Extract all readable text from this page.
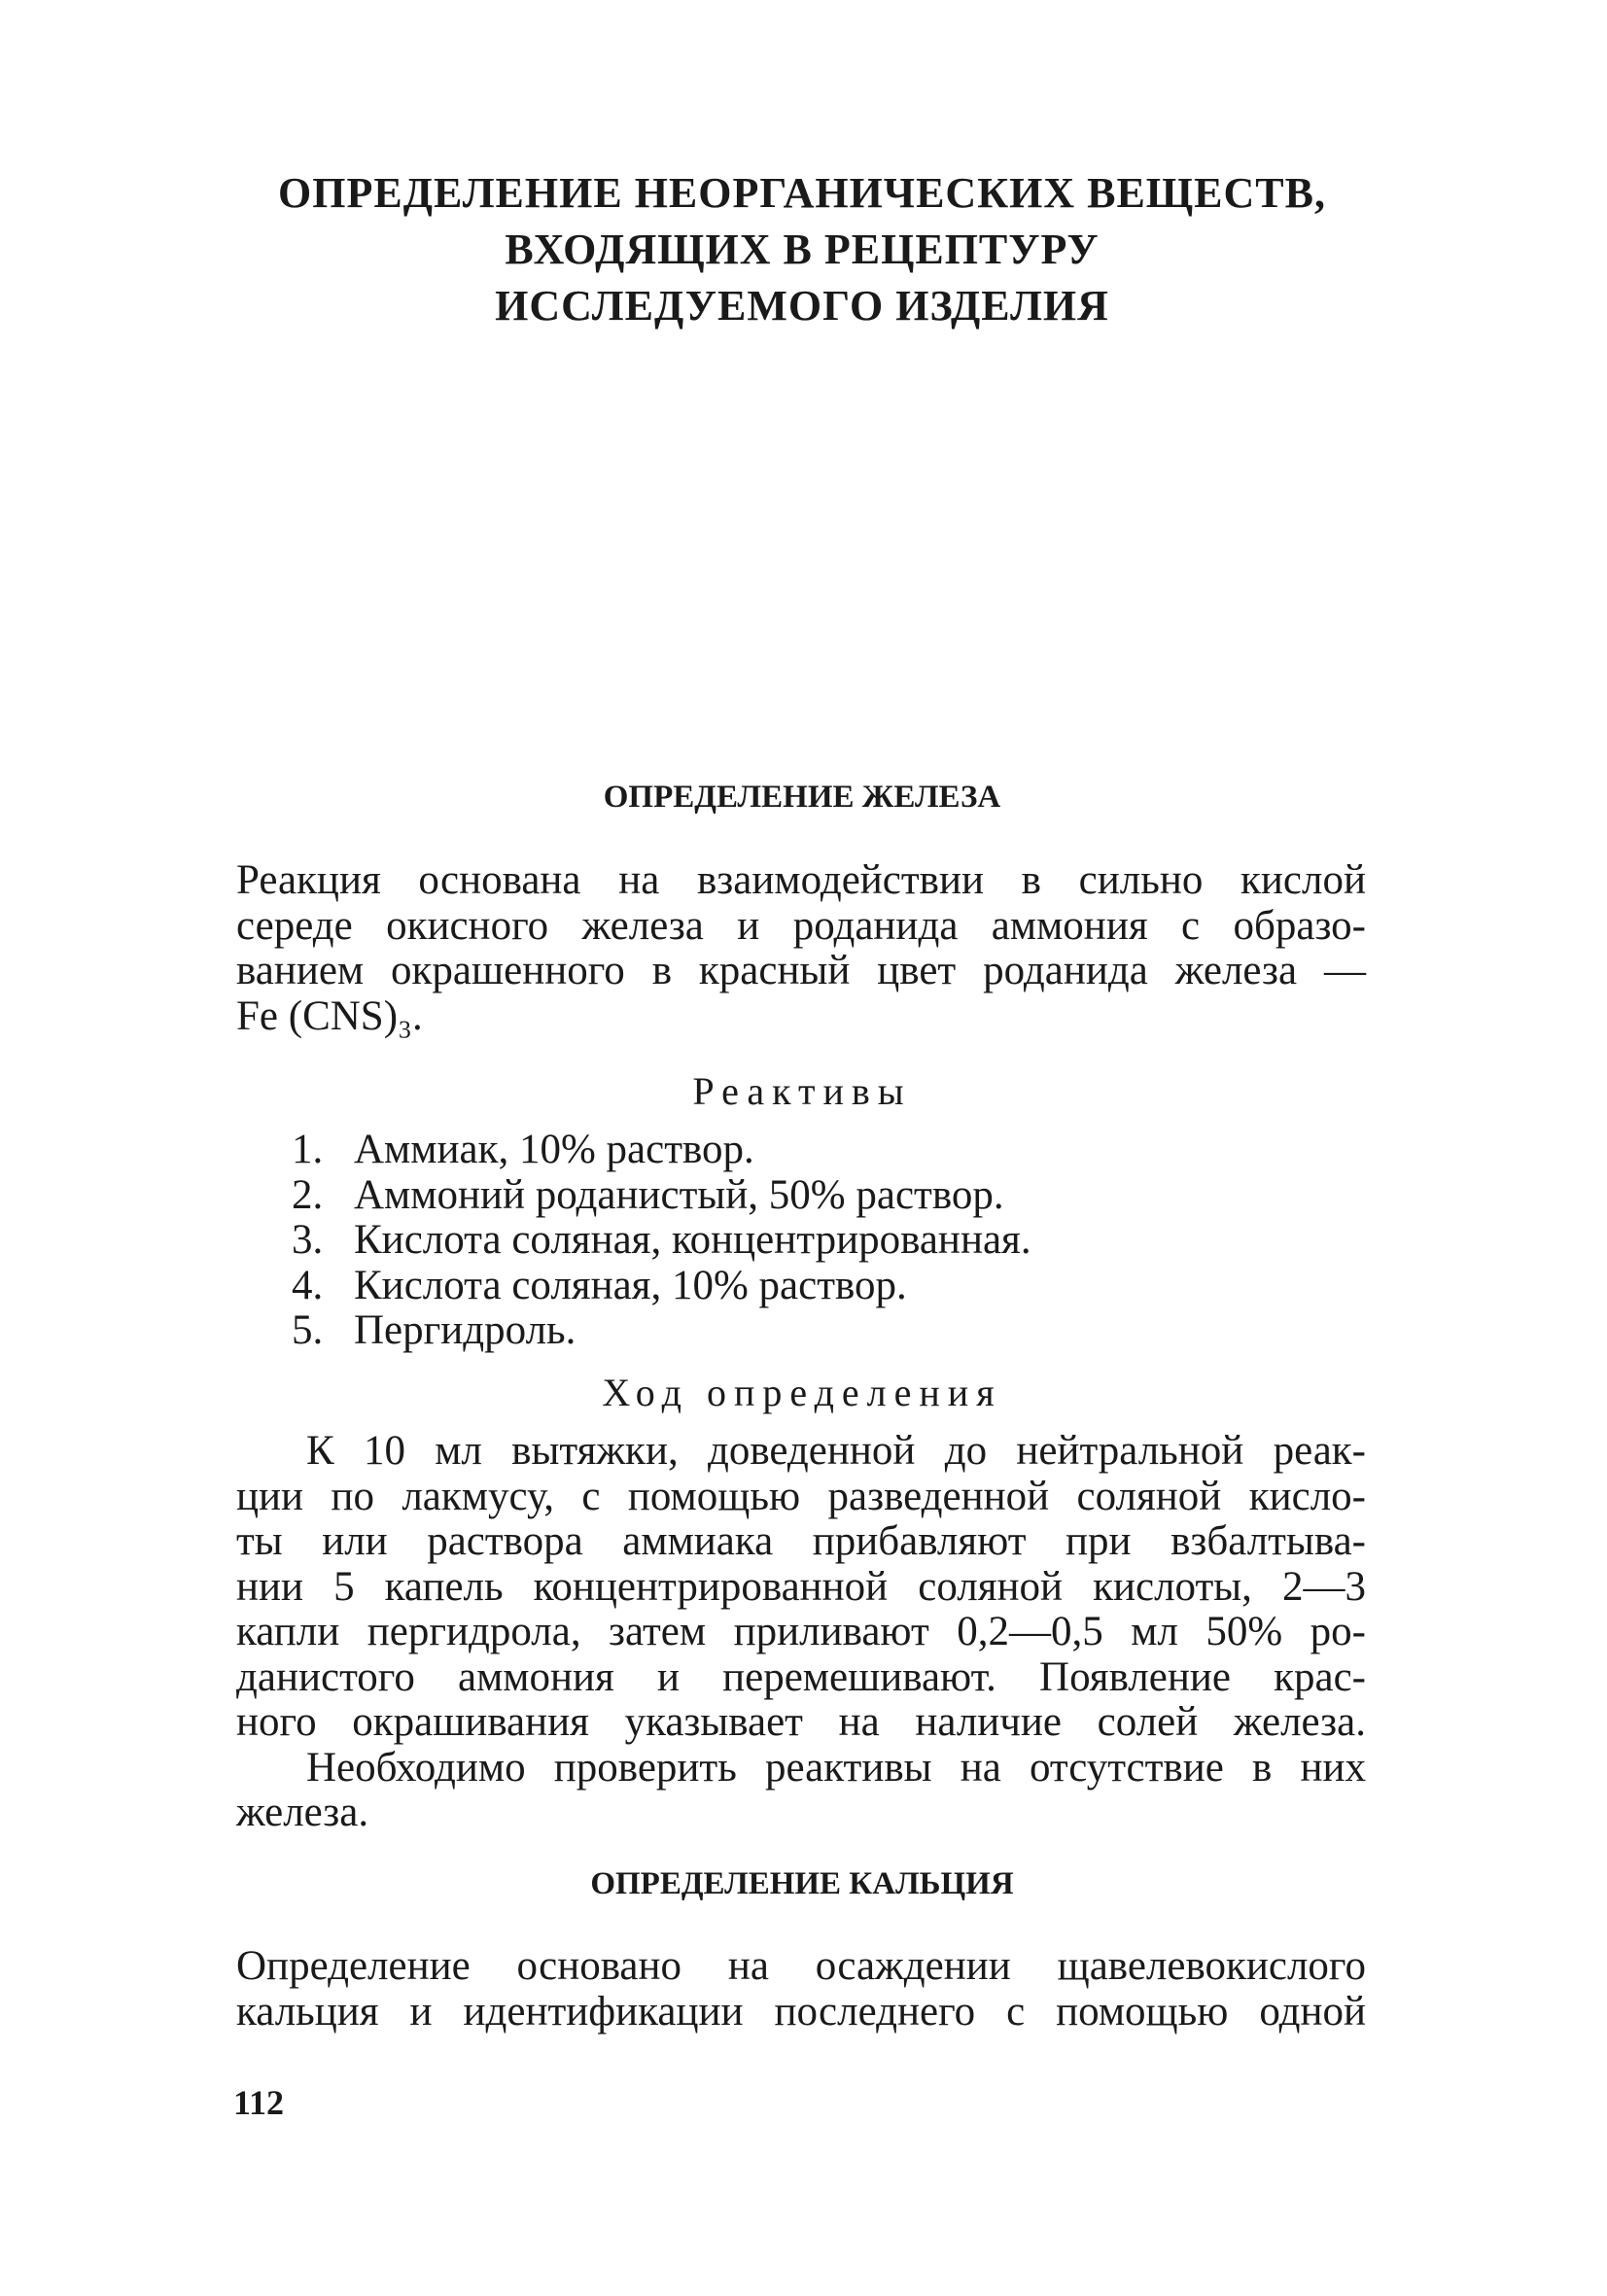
ОПРЕДЕЛЕНИЕ НЕОРГАНИЧЕСКИХ ВЕЩЕСТВ,
ВХОДЯЩИХ В РЕЦЕПТУРУ
ИССЛЕДУЕМОГО ИЗДЕЛИЯ
ОПРЕДЕЛЕНИЕ ЖЕЛЕЗА
Реакция основана на взаимодействии в сильно кислой
середе окисного железа и роданида аммония с образо-
ванием окрашенного в красный цвет роданида железа —
Fe (CNS)₃.
Реактивы
1. Аммиак, 10% раствор.
2. Аммоний роданистый, 50% раствор.
3. Кислота соляная, концентрированная.
4. Кислота соляная, 10% раствор.
5. Пергидроль.
Ход определения
К 10 мл вытяжки, доведенной до нейтральной реак-
ции по лакмусу, с помощью разведенной соляной кисло-
ты или раствора аммиака прибавляют при взбалтыва-
нии 5 капель концентрированной соляной кислоты, 2—3
капли пергидрола, затем приливают 0,2—0,5 мл 50% ро-
данистого аммония и перемешивают. Появление крас-
ного окрашивания указывает на наличие солей железа.
Необходимо проверить реактивы на отсутствие в них
железа.
ОПРЕДЕЛЕНИЕ КАЛЬЦИЯ
Определение основано на осаждении щавелевокислого
кальция и идентификации последнего с помощью одной
112
